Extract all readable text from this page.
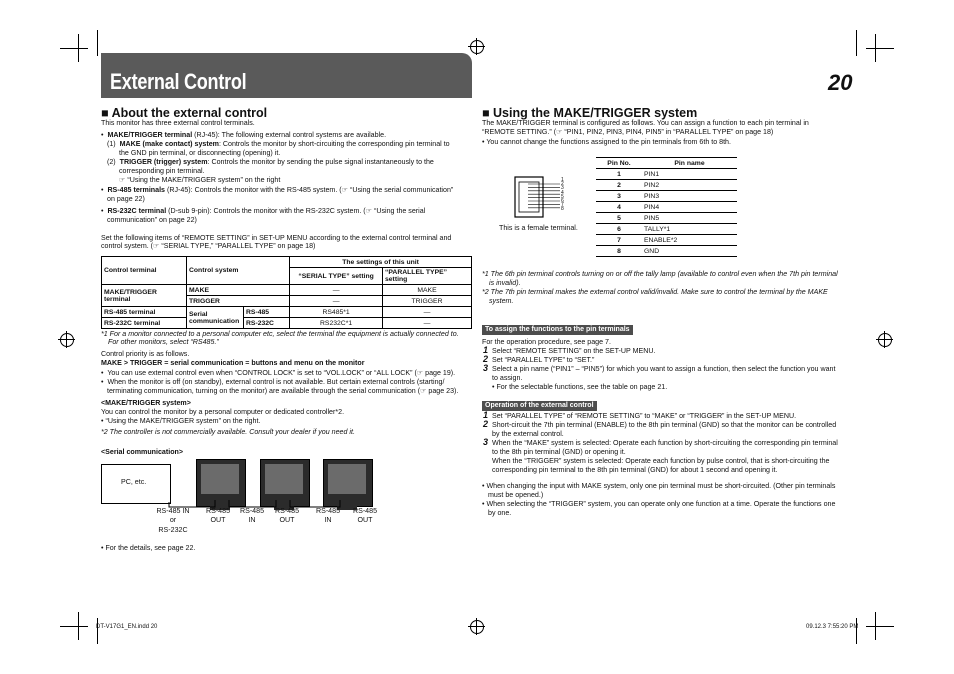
External Control	20
■ About the external control
This monitor has three external control terminals.
•  MAKE/TRIGGER terminal (RJ-45): The following external control systems are available.
(1) MAKE (make contact) system: Controls the monitor by short-circuiting the corresponding pin terminal to
the GND pin terminal, or disconnecting (opening) it.
(2) TRIGGER (trigger) system: Controls the monitor by sending the pulse signal instantaneously to the
corresponding pin terminal.
☞ “Using the MAKE/TRIGGER system” on the right
•  RS-485 terminals (RJ-45): Controls the monitor with the RS-485 system. (☞ “Using the serial communication”
on page 22)
•  RS-232C terminal (D-sub 9-pin): Controls the monitor with the RS-232C system. (☞ “Using the serial
communication” on page 22)
Set the following items of “REMOTE SETTING” in SET-UP MENU according to the external control terminal and
control system. (☞ “SERIAL TYPE,” “PARALLEL TYPE” on page 18)
Control terminal	Control system		The settings of this unit	
			“SERIAL TYPE” setting	“PARALLEL TYPE” setting
MAKE/TRIGGER terminal	MAKE		—	MAKE
	TRIGGER		—	TRIGGER
RS-485 terminal	Serial communication	RS-485	RS485*1	—
RS-232C terminal		RS-232C	RS232C*1	—
*1 For a monitor connected to a personal computer etc, select the terminal the equipment is actually connected to.
For other monitors, select “RS485.”
Control priority is as follows.
MAKE > TRIGGER = serial communication = buttons and menu on the monitor
•  You can use external control even when “CONTROL LOCK” is set to “VOL.LOCK” or “ALL LOCK” (☞ page 19).
•  When the monitor is off (on standby), external control is not available. But certain external controls (starting/
terminating communication, turning on the monitor) are available through the serial communication (☞ page 23).
<MAKE/TRIGGER system>
You can control the monitor by a personal computer or dedicated controller*2.
• “Using the MAKE/TRIGGER system” on the right.
*2 The controller is not commercially available. Consult your dealer if you need it.
<Serial communication>
PC, etc.
RS-485 IN
or
RS-232C
RS-485
OUT
RS-485
IN
RS-485
OUT
RS-485
IN
RS-485
OUT
• For the details, see page 22.
■ Using the MAKE/TRIGGER system
The MAKE/TRIGGER terminal is configured as follows. You can assign a function to each pin terminal in
“REMOTE SETTING.” (☞ “PIN1, PIN2, PIN3, PIN4, PIN5” in “PARALLEL TYPE” on page 18)
• You cannot change the functions assigned to the pin terminals from 6th to 8th.
1
2
3
4
5
6
7
8
This is a female terminal.
Pin No.	Pin name
1	PIN1
2	PIN2
3	PIN3
4	PIN4
5	PIN5
6	TALLY*1
7	ENABLE*2
8	GND
*1 The 6th pin terminal controls turning on or off the tally lamp (available to control even when the 7th pin terminal
is invalid).
*2 The 7th pin terminal makes the external control valid/invalid. Make sure to control the terminal by the MAKE
system.
To assign the functions to the pin terminals
For the operation procedure, see page 7.
1 Select “REMOTE SETTING” on the SET-UP MENU.
2 Set “PARALLEL TYPE” to “SET.”
3 Select a pin name (“PIN1” – “PIN5”) for which you want to assign a function, then select the function you want
to assign.
• For the selectable functions, see the table on page 21.
Operation of the external control
1 Set “PARALLEL TYPE” of “REMOTE SETTING” to “MAKE” or “TRIGGER” in the SET-UP MENU.
2 Short-circuit the 7th pin terminal (ENABLE) to the 8th pin terminal (GND) so that the monitor can be controlled
by the external control.
3 When the “MAKE” system is selected: Operate each function by short-circuiting the corresponding pin terminal
to the 8th pin terminal (GND) or opening it.
When the “TRIGGER” system is selected: Operate each function by pulse control, that is short-circuiting the
corresponding pin terminal to the 8th pin terminal (GND) for about 1 second and opening it.
• When changing the input with MAKE system, only one pin terminal must be short-circuited. (Other pin terminals
must be opened.)
• When selecting the “TRIGGER” system, you can operate only one function at a time. Operate the functions one
by one.
DT-V17G1_EN.indd 20	09.12.3 7:55:20 PM
